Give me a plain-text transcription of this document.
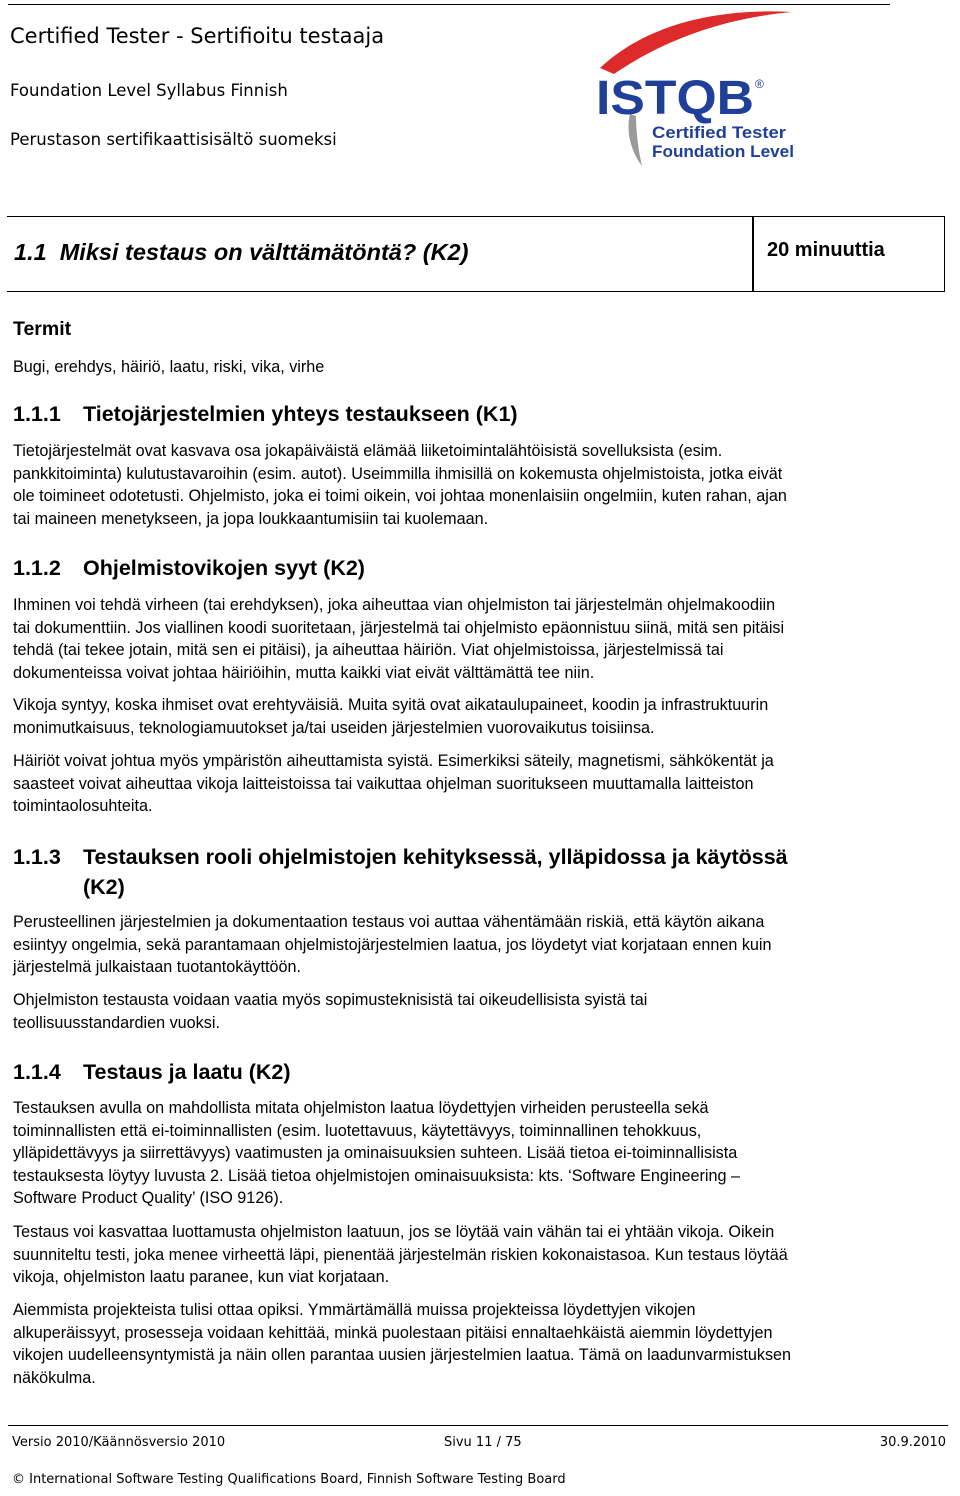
Certified Tester - Sertifioitu testaaja
Foundation Level Syllabus Finnish
Perustason sertifikaattisisältö suomeksi
ISTQB ®
Certified Tester
Foundation Level
1.1  Miksi testaus on välttämätöntä? (K2)	20 minuuttia
Termit
Bugi, erehdys, häiriö, laatu, riski, vika, virhe
1.1.1 Tietojärjestelmien yhteys testaukseen (K1)
Tietojärjestelmät ovat kasvava osa jokapäiväistä elämää liiketoimintalähtöisistä sovelluksista (esim.
pankkitoiminta) kulutustavaroihin (esim. autot). Useimmilla ihmisillä on kokemusta ohjelmistoista, jotka eivät
ole toimineet odotetusti. Ohjelmisto, joka ei toimi oikein, voi johtaa monenlaisiin ongelmiin, kuten rahan, ajan
tai maineen menetykseen, ja jopa loukkaantumisiin tai kuolemaan.
1.1.2 Ohjelmistovikojen syyt (K2)
Ihminen voi tehdä virheen (tai erehdyksen), joka aiheuttaa vian ohjelmiston tai järjestelmän ohjelmakoodiin
tai dokumenttiin. Jos viallinen koodi suoritetaan, järjestelmä tai ohjelmisto epäonnistuu siinä, mitä sen pitäisi
tehdä (tai tekee jotain, mitä sen ei pitäisi), ja aiheuttaa häiriön. Viat ohjelmistoissa, järjestelmissä tai
dokumenteissa voivat johtaa häiriöihin, mutta kaikki viat eivät välttämättä tee niin.
Vikoja syntyy, koska ihmiset ovat erehtyväisiä. Muita syitä ovat aikataulupaineet, koodin ja infrastruktuurin
monimutkaisuus, teknologiamuutokset ja/tai useiden järjestelmien vuorovaikutus toisiinsa.
Häiriöt voivat johtua myös ympäristön aiheuttamista syistä. Esimerkiksi säteily, magnetismi, sähkökentät ja
saasteet voivat aiheuttaa vikoja laitteistoissa tai vaikuttaa ohjelman suoritukseen muuttamalla laitteiston
toimintaolosuhteita.
1.1.3 Testauksen rooli ohjelmistojen kehityksessä, ylläpidossa ja käytössä
(K2)
Perusteellinen järjestelmien ja dokumentaation testaus voi auttaa vähentämään riskiä, että käytön aikana
esiintyy ongelmia, sekä parantamaan ohjelmistojärjestelmien laatua, jos löydetyt viat korjataan ennen kuin
järjestelmä julkaistaan tuotantokäyttöön.
Ohjelmiston testausta voidaan vaatia myös sopimusteknisistä tai oikeudellisista syistä tai
teollisuusstandardien vuoksi.
1.1.4 Testaus ja laatu (K2)
Testauksen avulla on mahdollista mitata ohjelmiston laatua löydettyjen virheiden perusteella sekä
toiminnallisten että ei-toiminnallisten (esim. luotettavuus, käytettävyys, toiminnallinen tehokkuus,
ylläpidettävyys ja siirrettävyys) vaatimusten ja ominaisuuksien suhteen. Lisää tietoa ei-toiminnallisista
testauksesta löytyy luvusta 2. Lisää tietoa ohjelmistojen ominaisuuksista: kts. ‘Software Engineering –
Software Product Quality’ (ISO 9126).
Testaus voi kasvattaa luottamusta ohjelmiston laatuun, jos se löytää vain vähän tai ei yhtään vikoja. Oikein
suunniteltu testi, joka menee virheettä läpi, pienentää järjestelmän riskien kokonaistasoa. Kun testaus löytää
vikoja, ohjelmiston laatu paranee, kun viat korjataan.
Aiemmista projekteista tulisi ottaa opiksi. Ymmärtämällä muissa projekteissa löydettyjen vikojen
alkuperäissyyt, prosesseja voidaan kehittää, minkä puolestaan pitäisi ennaltaehkäistä aiemmin löydettyjen
vikojen uudelleensyntymistä ja näin ollen parantaa uusien järjestelmien laatua. Tämä on laadunvarmistuksen
näkökulma.
Versio 2010/Käännösversio 2010	Sivu 11 / 75	30.9.2010
© International Software Testing Qualifications Board, Finnish Software Testing Board
